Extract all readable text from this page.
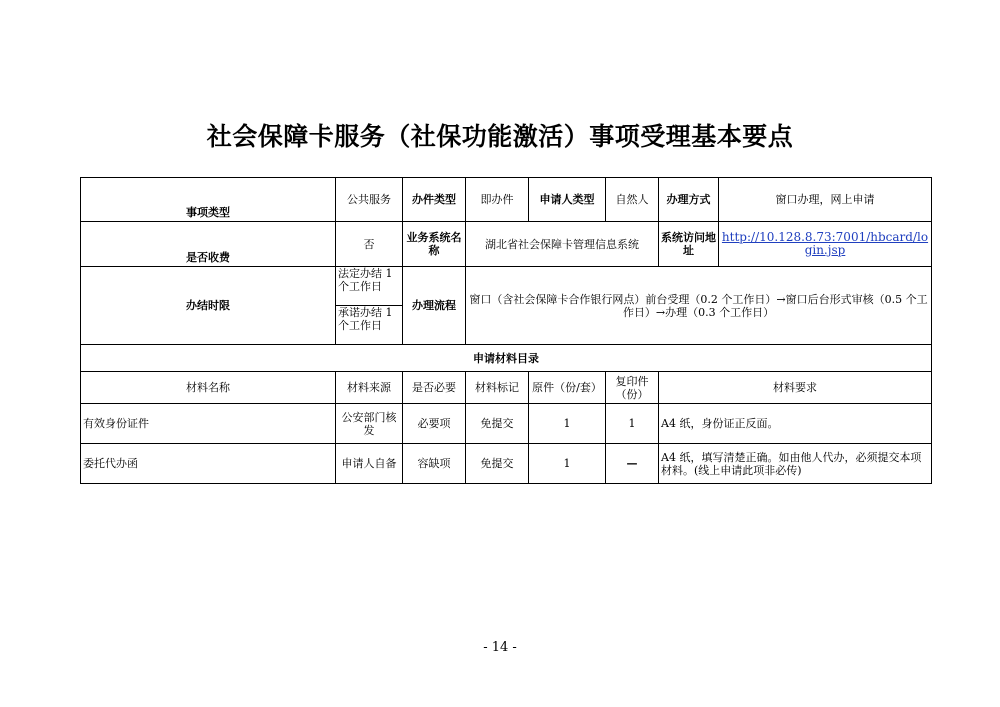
社会保障卡服务（社保功能激活）事项受理基本要点
事项类型	公共服务	办件类型	即办件	申请人类型	自然人	办理方式	窗口办理，网上申请
是否收费	否	业务系统名称	湖北省社会保障卡管理信息系统			系统访问地址	http://10.128.8.73:7001/hbcard/login.jsp
办结时限	法定办结 1 个工作日	办理流程	窗口（含社会保障卡合作银行网点）前台受理（0.2 个工作日）→窗口后台形式审核（0.5 个工作日）→办理（0.3 个工作日）				
	承诺办结 1 个工作日						
申请材料目录							
材料名称	材料来源	是否必要	材料标记	原件（份/套）	复印件（份）	材料要求	
有效身份证件	公安部门核发	必要项	免提交	1	1	A4 纸，身份证正反面。	
委托代办函	申请人自备	容缺项	免提交	1	—	A4 纸，填写清楚正确。如由他人代办，必须提交本项材料。(线上申请此项非必传)	
- 14 -
